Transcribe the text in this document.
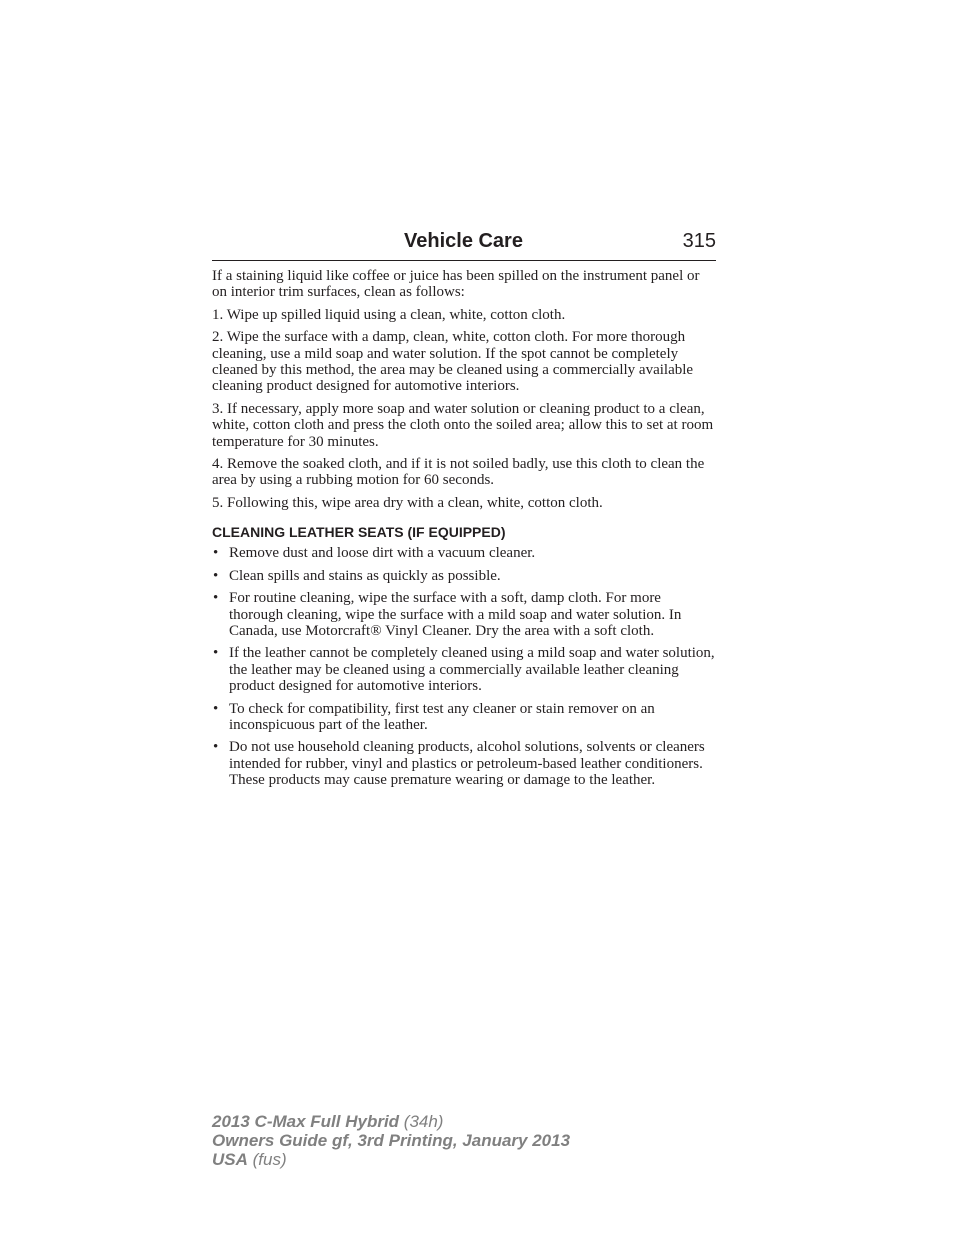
Vehicle Care	315

If a staining liquid like coffee or juice has been spilled on the instrument panel or on interior trim surfaces, clean as follows:

1. Wipe up spilled liquid using a clean, white, cotton cloth.

2. Wipe the surface with a damp, clean, white, cotton cloth. For more thorough cleaning, use a mild soap and water solution. If the spot cannot be completely cleaned by this method, the area may be cleaned using a commercially available cleaning product designed for automotive interiors.

3. If necessary, apply more soap and water solution or cleaning product to a clean, white, cotton cloth and press the cloth onto the soiled area; allow this to set at room temperature for 30 minutes.

4. Remove the soaked cloth, and if it is not soiled badly, use this cloth to clean the area by using a rubbing motion for 60 seconds.

5. Following this, wipe area dry with a clean, white, cotton cloth.

CLEANING LEATHER SEATS (IF EQUIPPED)
• Remove dust and loose dirt with a vacuum cleaner.
• Clean spills and stains as quickly as possible.
• For routine cleaning, wipe the surface with a soft, damp cloth. For more thorough cleaning, wipe the surface with a mild soap and water solution. In Canada, use Motorcraft® Vinyl Cleaner. Dry the area with a soft cloth.
• If the leather cannot be completely cleaned using a mild soap and water solution, the leather may be cleaned using a commercially available leather cleaning product designed for automotive interiors.
• To check for compatibility, first test any cleaner or stain remover on an inconspicuous part of the leather.
• Do not use household cleaning products, alcohol solutions, solvents or cleaners intended for rubber, vinyl and plastics or petroleum-based leather conditioners. These products may cause premature wearing or damage to the leather.
2013 C-Max Full Hybrid (34h)
Owners Guide gf, 3rd Printing, January 2013
USA (fus)
